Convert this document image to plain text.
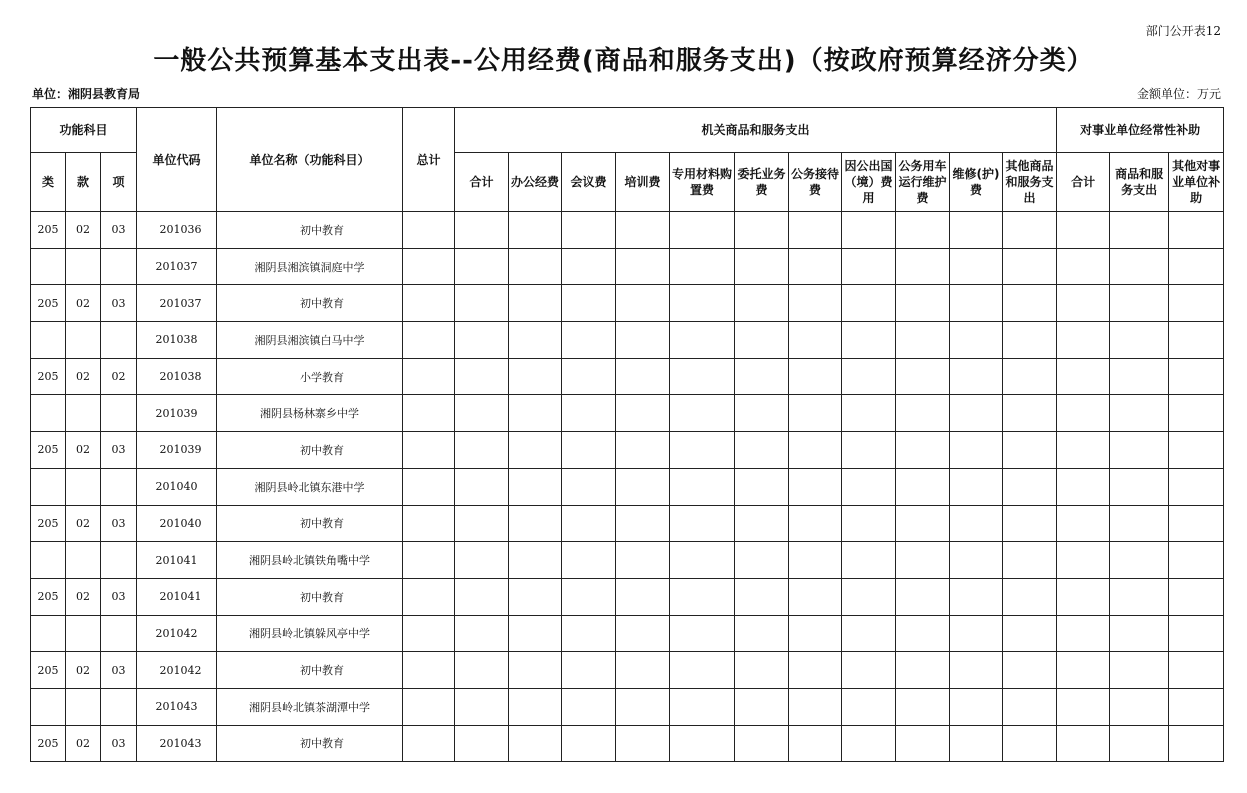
部门公开表12
一般公共预算基本支出表--公用经费(商品和服务支出)（按政府预算经济分类）
单位：湘阴县教育局	金额单位：万元
功能科目			单位代码	单位名称（功能科目）	总计	机关商品和服务支出											对事业单位经常性补助		
类	款	项				合计	办公经费	会议费	培训费	专用材料购置费	委托业务费	公务接待费	因公出国（境）费用	公务用车运行维护费	维修(护)费	其他商品和服务支出	合计	商品和服务支出	其他对事业单位补助
205	02	03	201036	初中教育															
			201037	湘阴县湘滨镇洞庭中学															
205	02	03	201037	初中教育															
			201038	湘阴县湘滨镇白马中学															
205	02	02	201038	小学教育															
			201039	湘阴县杨林寨乡中学															
205	02	03	201039	初中教育															
			201040	湘阴县岭北镇东港中学															
205	02	03	201040	初中教育															
			201041	湘阴县岭北镇铁角嘴中学															
205	02	03	201041	初中教育															
			201042	湘阴县岭北镇躲风亭中学															
205	02	03	201042	初中教育															
			201043	湘阴县岭北镇茶湖潭中学															
205	02	03	201043	初中教育															
